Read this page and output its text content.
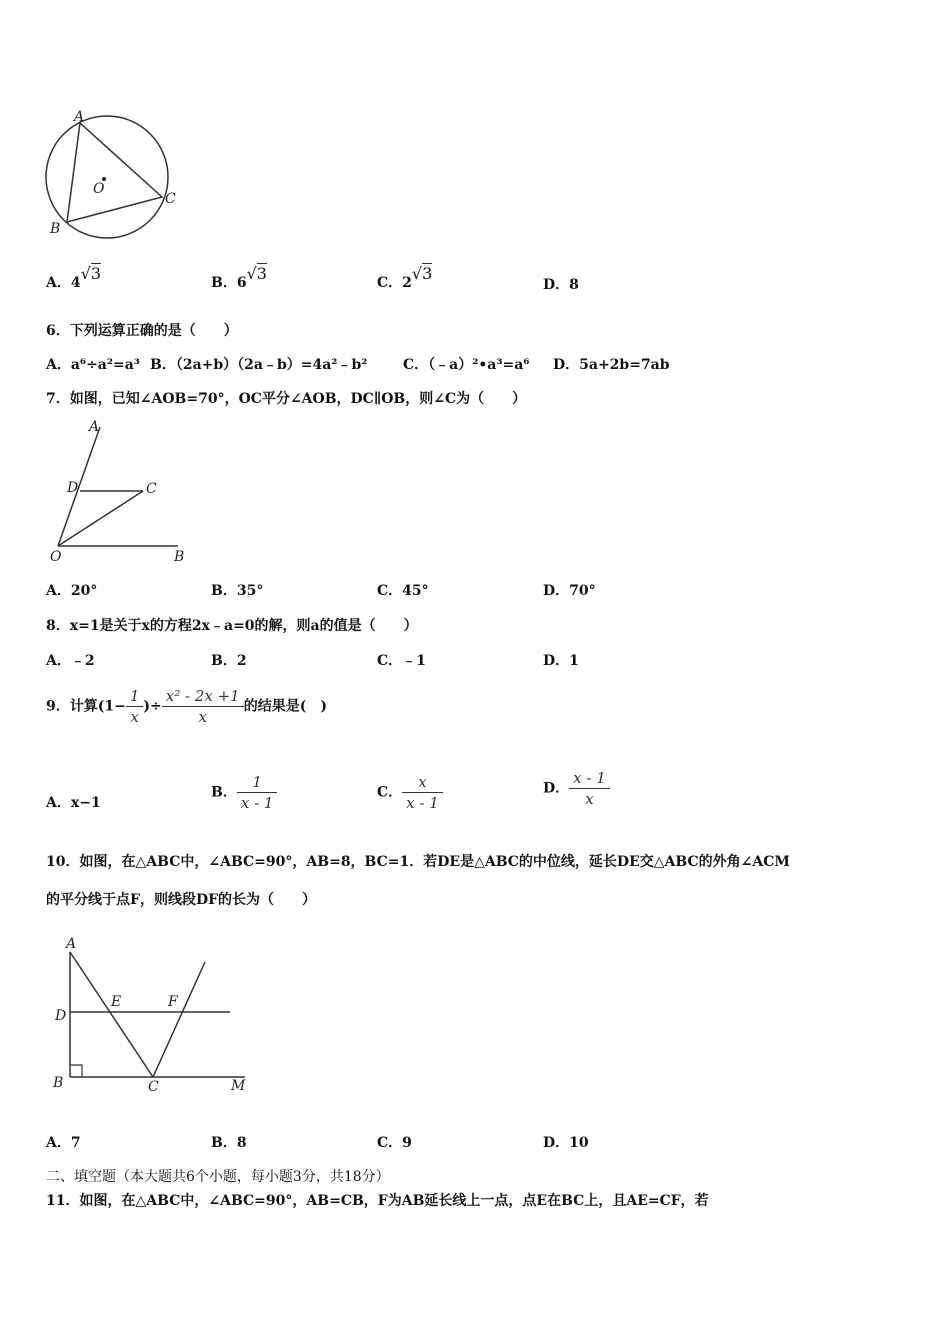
A
C
B
O
A．4√3	B．6√3	C．2√3
D．8
6．下列运算正确的是（　　）
A．a⁶÷a²=a³ B．（2a+b）（2a﹣b）=4a²﹣b²	C．（﹣a）²•a³=a⁶ D．5a+2b=7ab
7．如图，已知∠AOB=70°，OC平分∠AOB，DC∥OB，则∠C为（　　）
A
D	C
O	B
A．20°	B．35°	C．45°	D．70°
8．x=1是关于x的方程2x﹣a=0的解，则a的值是（　　）
A．﹣2	B．2	C．﹣1	D．1
9．计算($1- \frac{1}{x}$ )÷ $\frac{\text{x² - 2x +1}}{x}$ 的结果是(　)
A．x−1
B． $\frac{1}{x - 1}$	C． $\frac{x}{x - 1}$	D． $\frac{x - 1}{x}$
10．如图，在△ABC中，∠ABC=90°，AB=8，BC=1．若DE是△ABC的中位线，延长DE交△ABC的外角∠ACM
的平分线于点F，则线段DF的长为（　　）
A
D
E	F
B	C	M
A．7	B．8	C．9	D．10
二、填空题（本大题共6个小题，每小题3分，共18分）
11．如图，在△ABC中，∠ABC=90°，AB=CB，F为AB延长线上一点，点E在BC上，且AE=CF，若
